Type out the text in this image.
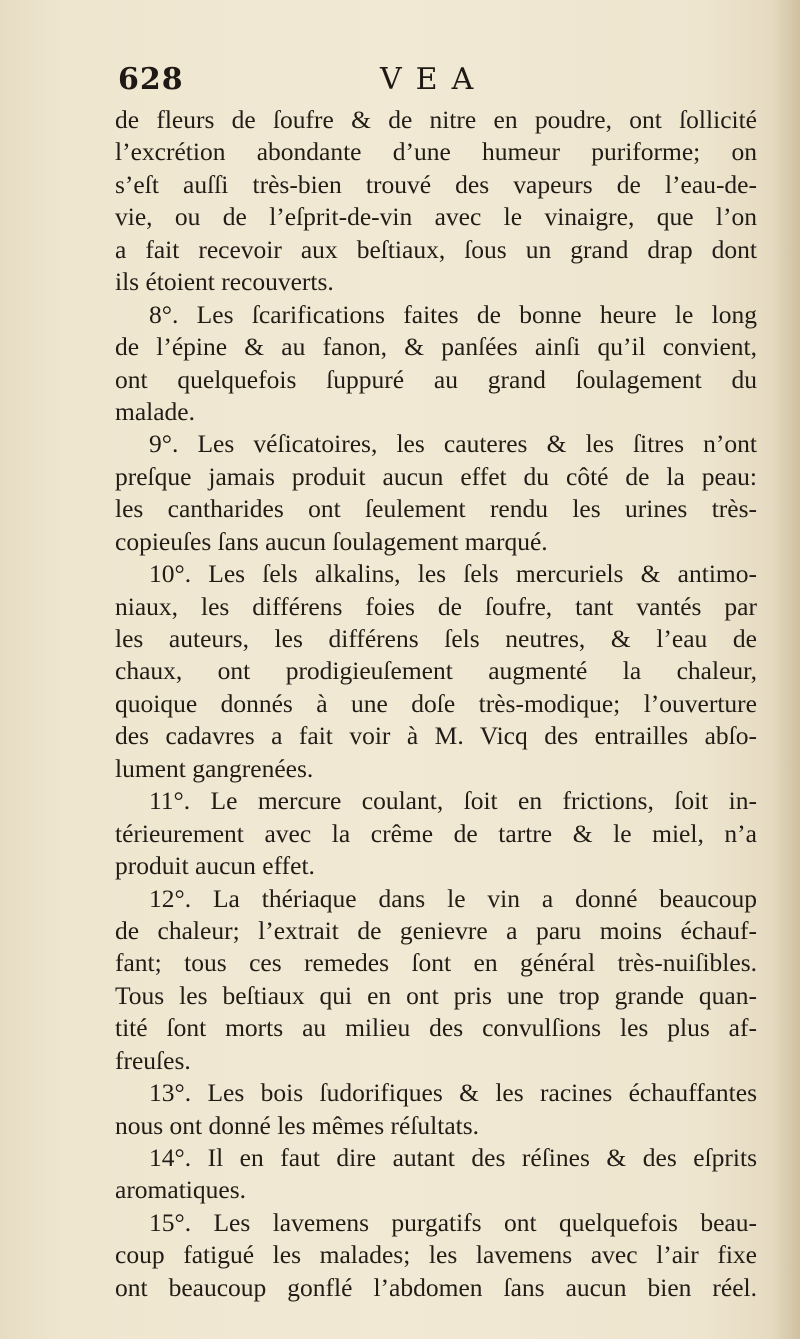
628	VEA
de fleurs de ſoufre & de nitre en poudre, ont ſollicité
l’excrétion abondante d’une humeur puriforme; on
s’eſt auſſi très-bien trouvé des vapeurs de l’eau-de-
vie, ou de l’eſprit-de-vin avec le vinaigre, que l’on
a fait recevoir aux beſtiaux, ſous un grand drap dont
ils étoient recouverts.
8°. Les ſcarifications faites de bonne heure le long
de l’épine & au fanon, & panſées ainſi qu’il convient,
ont quelquefois ſuppuré au grand ſoulagement du
malade.
9°. Les véſicatoires, les cauteres & les ſitres n’ont
preſque jamais produit aucun effet du côté de la peau:
les cantharides ont ſeulement rendu les urines très-
copieuſes ſans aucun ſoulagement marqué.
10°. Les ſels alkalins, les ſels mercuriels & antimo-
niaux, les différens foies de ſoufre, tant vantés par
les auteurs, les différens ſels neutres, & l’eau de
chaux, ont prodigieuſement augmenté la chaleur,
quoique donnés à une doſe très-modique; l’ouverture
des cadavres a fait voir à M. Vicq des entrailles abſo-
lument gangrenées.
11°. Le mercure coulant, ſoit en frictions, ſoit in-
térieurement avec la crême de tartre & le miel, n’a
produit aucun effet.
12°. La thériaque dans le vin a donné beaucoup
de chaleur; l’extrait de genievre a paru moins échauf-
fant; tous ces remedes ſont en général très-nuiſibles.
Tous les beſtiaux qui en ont pris une trop grande quan-
tité ſont morts au milieu des convulſions les plus af-
freuſes.
13°. Les bois ſudorifiques & les racines échauffantes
nous ont donné les mêmes réſultats.
14°. Il en faut dire autant des réſines & des eſprits
aromatiques.
15°. Les lavemens purgatifs ont quelquefois beau-
coup fatigué les malades; les lavemens avec l’air fixe
ont beaucoup gonflé l’abdomen ſans aucun bien réel.
